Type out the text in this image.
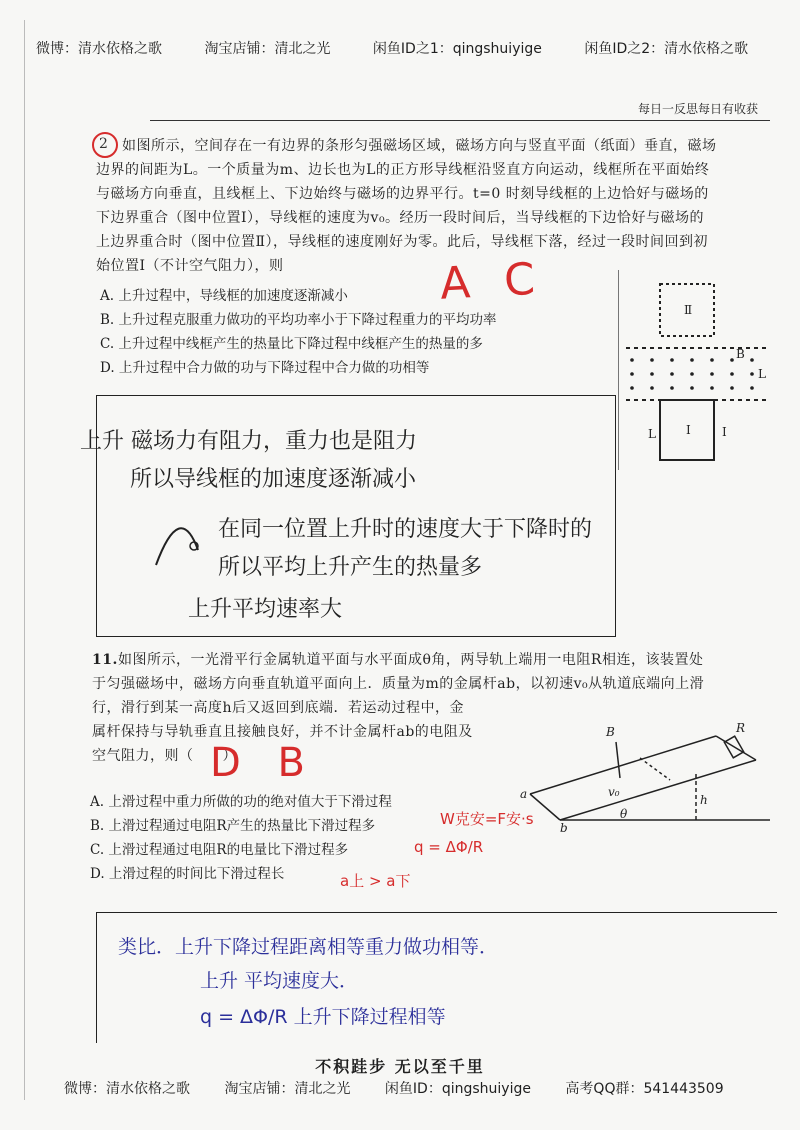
微博：清水依格之歌	淘宝店铺：清北之光	闲鱼ID之1：qingshuiyige	闲鱼ID之2：清水依格之歌
每日一反思每日有收获
2 如图所示，空间存在一有边界的条形匀强磁场区域，磁场方向与竖直平面（纸面）垂直，磁场
边界的间距为L。一个质量为m、边长也为L的正方形导线框沿竖直方向运动，线框所在平面始终
与磁场方向垂直，且线框上、下边始终与磁场的边界平行。t=0 时刻导线框的上边恰好与磁场的
下边界重合（图中位置Ⅰ），导线框的速度为v₀。经历一段时间后，当导线框的下边恰好与磁场的
上边界重合时（图中位置Ⅱ），导线框的速度刚好为零。此后，导线框下落，经过一段时间回到初
始位置Ⅰ（不计空气阻力），则	A C
A. 上升过程中，导线框的加速度逐渐减小
B. 上升过程克服重力做功的平均功率小于下降过程重力的平均功率
C. 上升过程中线框产生的热量比下降过程中线框产生的热量的多
D. 上升过程中合力做的功与下降过程中合力做的功相等
Ⅱ
B
L
L	Ⅰ	Ⅰ
上升 磁场力有阻力，重力也是阻力
所以导线框的加速度逐渐减小
在同一位置上升时的速度大于下降时的
所以平均上升产生的热量多
上升平均速率大
11. 如图所示，一光滑平行金属轨道平面与水平面成θ角，两导轨上端用一电阻R相连，该装置处
于匀强磁场中，磁场方向垂直轨道平面向上．质量为m的金属杆ab，以初速v₀从轨道底端向上滑
行，滑行到某一高度h后又返回到底端．若运动过程中，金
属杆保持与导轨垂直且接触良好，并不计金属杆ab的电阻及
空气阻力，则（　　）
D B
B	R
a
b
v₀
h
θ
A. 上滑过程中重力所做的功的绝对值大于下滑过程
B. 上滑过程通过电阻R产生的热量比下滑过程多
C. 上滑过程通过电阻R的电量比下滑过程多
D. 上滑过程的时间比下滑过程长
W克安=F安·s
q = ΔΦ/R
a上 > a下
类比．上升下降过程距离相等重力做功相等．
上升 平均速度大．
q = ΔΦ/R 上升下降过程相等
不积跬步 无以至千里
微博：清水依格之歌 淘宝店铺：清北之光 闲鱼ID：qingshuiyige 高考QQ群：541443509
